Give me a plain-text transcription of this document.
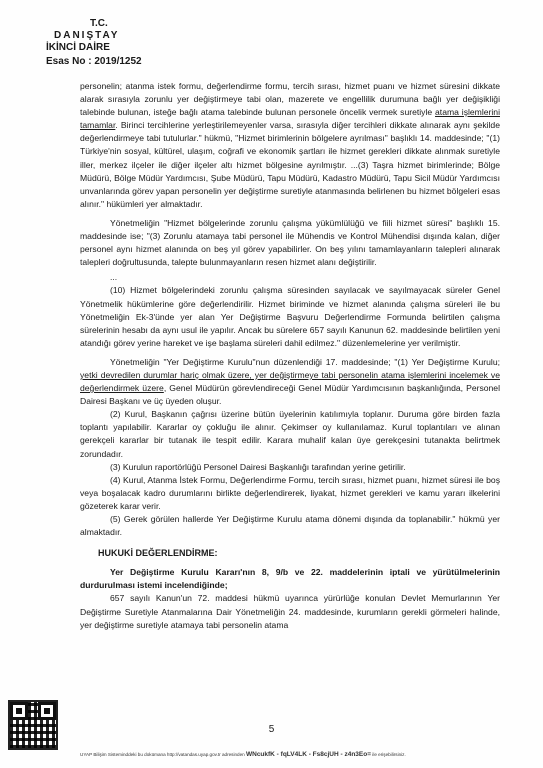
T.C.
DANIŞTAY
İKİNCİ DAİRE
Esas No : 2019/1252

personelin; atanma istek formu, değerlendirme formu, tercih sırası, hizmet puanı ve hizmet süresini dikkate alarak sırasıyla zorunlu yer değiştirmeye tabi olan, mazerete ve engellilik durumuna bağlı yer değişikliği talebinde bulunan, isteğe bağlı atama talebinde bulunan personele öncelik vermek suretiyle atama işlemlerini tamamlar. Birinci tercihlerine yerleştirilemeyenler varsa, sırasıyla diğer tercihleri dikkate alınarak aynı şekilde değerlendirmeye tabi tutulurlar." hükmü, "Hizmet birimlerinin bölgelere ayrılması" başlıklı 14. maddesinde; "(1) Türkiye'nin sosyal, kültürel, ulaşım, coğrafi ve ekonomik şartları ile hizmet gerekleri dikkate alınmak suretiyle iller, merkez ilçeler ile diğer ilçeler altı hizmet bölgesine ayrılmıştır. ...(3) Taşra hizmet birimlerinde; Bölge Müdürü, Bölge Müdür Yardımcısı, Şube Müdürü, Tapu Müdürü, Kadastro Müdürü, Tapu Sicil Müdür Yardımcısı unvanlarında görev yapan personelin yer değiştirme suretiyle atanmasında belirlenen bu hizmet bölgeleri esas alınır." hükümleri yer almaktadır.

Yönetmeliğin "Hizmet bölgelerinde zorunlu çalışma yükümlülüğü ve fiili hizmet süresi" başlıklı 15. maddesinde ise; "(3) Zorunlu atamaya tabi personel ile Mühendis ve Kontrol Mühendisi dışında kalan, diğer personel aynı hizmet alanında on beş yıl görev yapabilirler. On beş yılını tamamlayanların talepleri alınarak talepleri doğrultusunda, talepte bulunmayanların resen hizmet alanı değiştirilir.

...

(10) Hizmet bölgelerindeki zorunlu çalışma süresinden sayılacak ve sayılmayacak süreler Genel Yönetmelik hükümlerine göre değerlendirilir. Hizmet biriminde ve hizmet alanında çalışma süreleri ile bu Yönetmeliğin Ek-3'ünde yer alan Yer Değiştirme Başvuru Değerlendirme Formunda belirtilen çalışma sürelerinin hesabı da aynı usul ile yapılır. Ancak bu sürelere 657 sayılı Kanunun 62. maddesinde belirtilen yeni atandığı görev yerine hareket ve işe başlama süreleri dahil edilmez." düzenlemelerine yer verilmiştir.

Yönetmeliğin "Yer Değiştirme Kurulu"nun düzenlendiği 17. maddesinde; "(1) Yer Değiştirme Kurulu; yetki devredilen durumlar hariç olmak üzere, yer değiştirmeye tabi personelin atama işlemlerini incelemek ve değerlendirmek üzere, Genel Müdürün görevlendireceği Genel Müdür Yardımcısının başkanlığında, Personel Dairesi Başkanı ve üç üyeden oluşur.

(2) Kurul, Başkanın çağrısı üzerine bütün üyelerinin katılımıyla toplanır. Duruma göre birden fazla toplantı yapılabilir. Kararlar oy çokluğu ile alınır. Çekimser oy kullanılamaz. Kurul toplantıları ve alınan gerekçeli kararlar bir tutanak ile tespit edilir. Karara muhalif kalan üye gerekçesini tutanakta belirtmek zorundadır.

(3) Kurulun raportörlüğü Personel Dairesi Başkanlığı tarafından yerine getirilir.

(4) Kurul, Atanma İstek Formu, Değerlendirme Formu, tercih sırası, hizmet puanı, hizmet süresi ile boş veya boşalacak kadro durumlarını birlikte değerlendirerek, liyakat, hizmet gerekleri ve kamu yararı ilkelerini gözeterek karar verir.

(5) Gerek görülen hallerde Yer Değiştirme Kurulu atama dönemi dışında da toplanabilir." hükmü yer almaktadır.

HUKUKİ DEĞERLENDİRME:

Yer Değiştirme Kurulu Kararı'nın 8, 9/b ve 22. maddelerinin iptali ve yürütülmelerinin durdurulması istemi incelendiğinde;

657 sayılı Kanun'un 72. maddesi hükmü uyarınca yürürlüğe konulan Devlet Memurlarının Yer Değiştirme Suretiyle Atanmalarına Dair Yönetmeliğin 24. maddesinde, kurumların gerekli görmeleri halinde, yer değiştirme suretiyle atamaya tabi personelin atama

5
UYAP Bilişim Sisteminddeki bu dokümana http://vatandas.uyap.gov.tr adresinden WNcukfK - fqLV4LK - Fs8cjUH - z4n3Eo= ile erişebilirsiniz.
